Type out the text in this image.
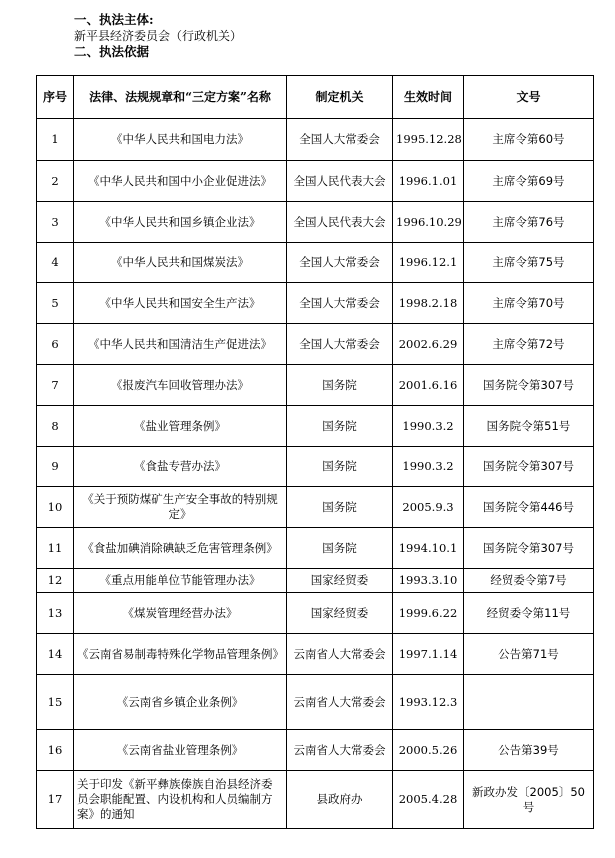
一、执法主体:
新平县经济委员会（行政机关）
二、执法依据
序号	法律、法规规章和“三定方案”名称	制定机关	生效时间	文号
1	《中华人民共和国电力法》	全国人大常委会	1995.12.28	主席令第60号
2	《中华人民共和国中小企业促进法》	全国人民代表大会	1996.1.01	主席令第69号
3	《中华人民共和国乡镇企业法》	全国人民代表大会	1996.10.29	主席令第76号
4	《中华人民共和国煤炭法》	全国人大常委会	1996.12.1	主席令第75号
5	《中华人民共和国安全生产法》	全国人大常委会	1998.2.18	主席令第70号
6	《中华人民共和国清洁生产促进法》	全国人大常委会	2002.6.29	主席令第72号
7	《报废汽车回收管理办法》	国务院	2001.6.16	国务院令第307号
8	《盐业管理条例》	国务院	1990.3.2	国务院令第51号
9	《食盐专营办法》	国务院	1990.3.2	国务院令第307号
10	《关于预防煤矿生产安全事故的特别规定》	国务院	2005.9.3	国务院令第446号
11	《食盐加碘消除碘缺乏危害管理条例》	国务院	1994.10.1	国务院令第307号
12	《重点用能单位节能管理办法》	国家经贸委	1993.3.10	经贸委令第7号
13	《煤炭管理经营办法》	国家经贸委	1999.6.22	经贸委令第11号
14	《云南省易制毒特殊化学物品管理条例》	云南省人大常委会	1997.1.14	公告第71号
15	《云南省乡镇企业条例》	云南省人大常委会	1993.12.3	
16	《云南省盐业管理条例》	云南省人大常委会	2000.5.26	公告第39号
17	关于印发《新平彝族傣族自治县经济委员会职能配置、内设机构和人员编制方案》的通知	县政府办	2005.4.28	新政办发〔2005〕50号
